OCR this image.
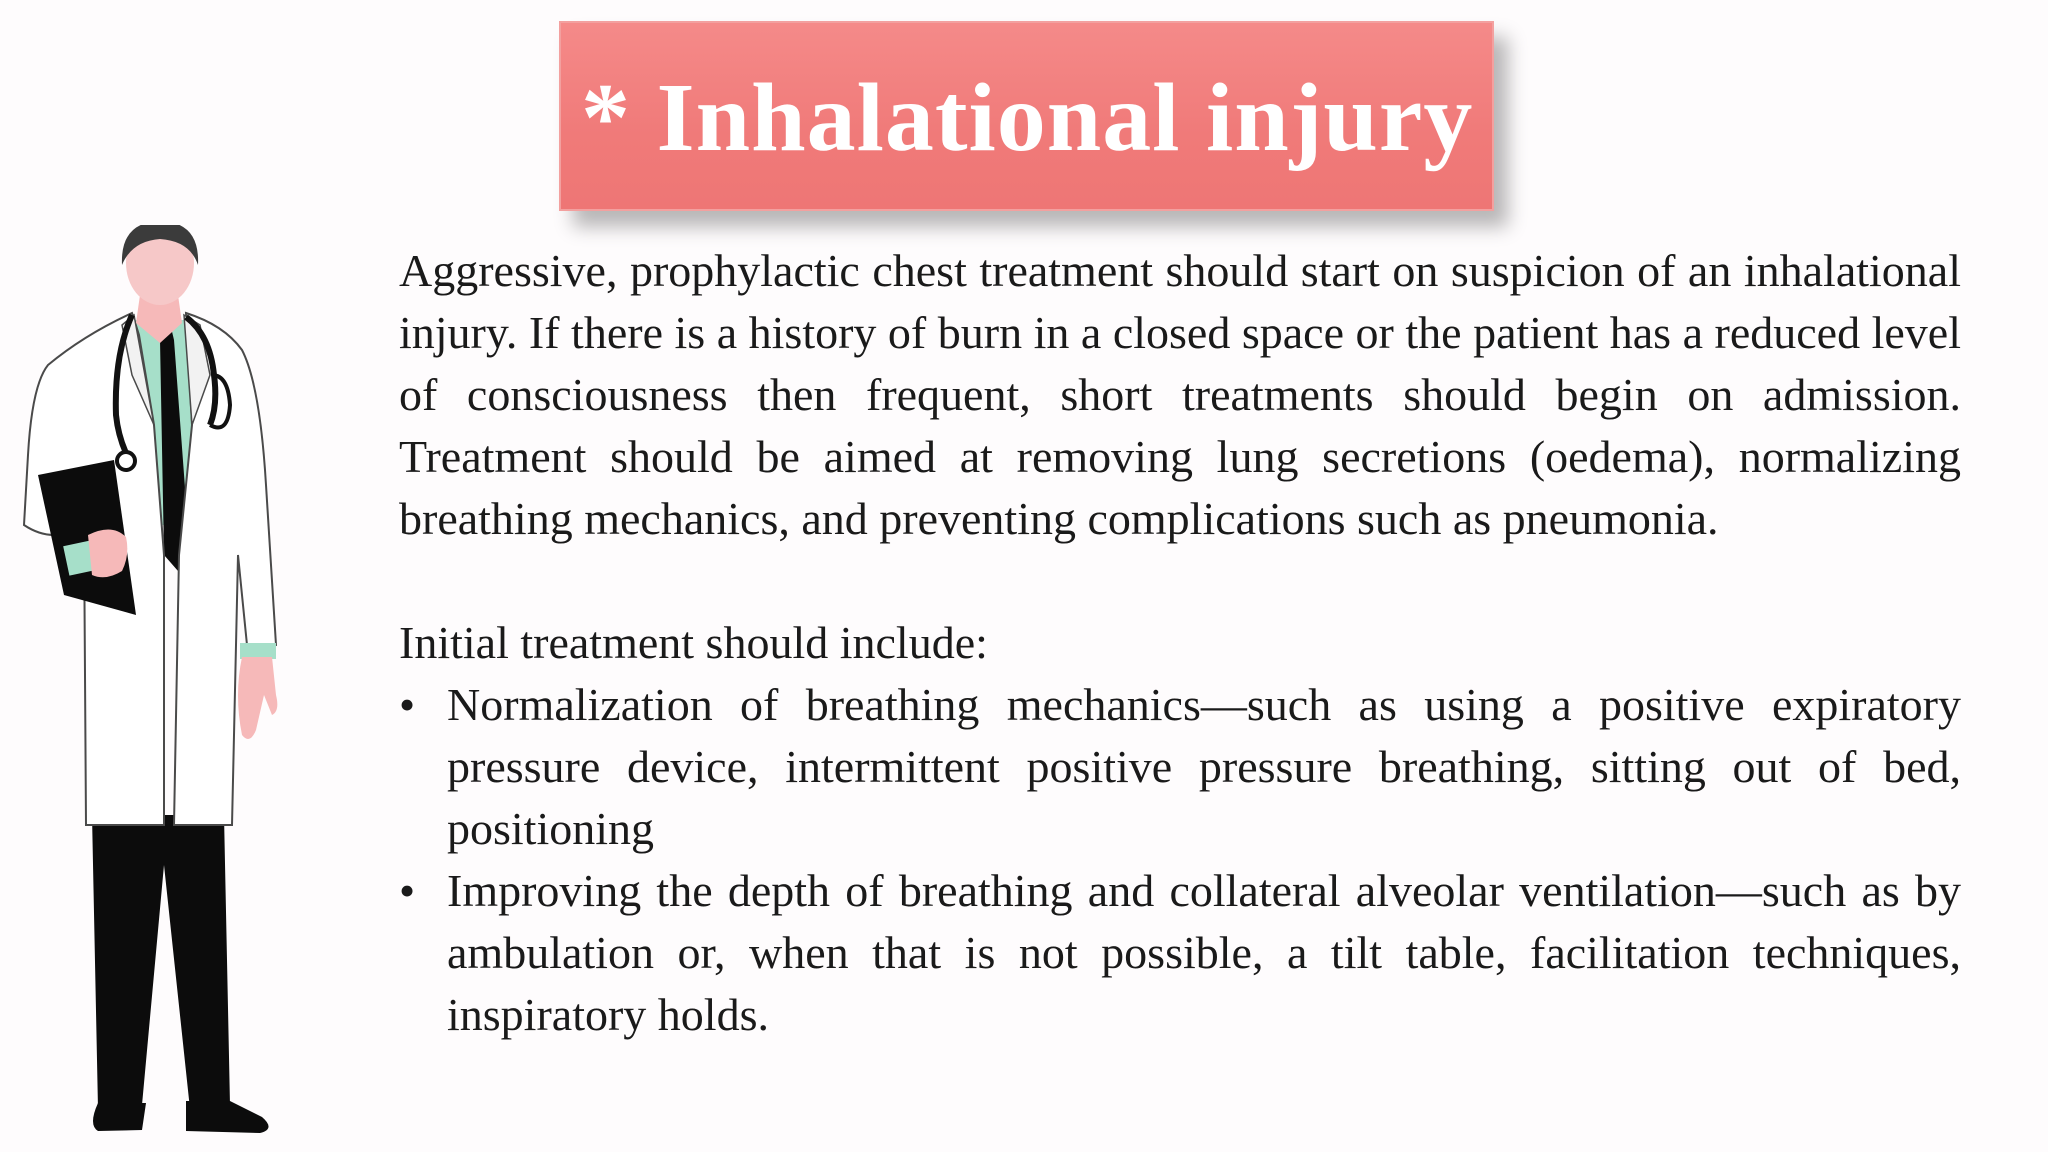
* Inhalational injury

Aggressive, prophylactic chest treatment should start on suspicion of an inhalational injury. If there is a history of burn in a closed space or the patient has a reduced level of consciousness then frequent, short treatments should begin on admission. Treatment should be aimed at removing lung secretions (oedema), normalizing breathing mechanics, and preventing complications such as pneumonia.

Initial treatment should include:

• Normalization of breathing mechanics—such as using a positive expiratory pressure device, intermittent positive pressure breathing, sitting out of bed, positioning
• Improving the depth of breathing and collateral alveolar ventilation—such as by ambulation or, when that is not possible, a tilt table, facilitation techniques, inspiratory holds.
